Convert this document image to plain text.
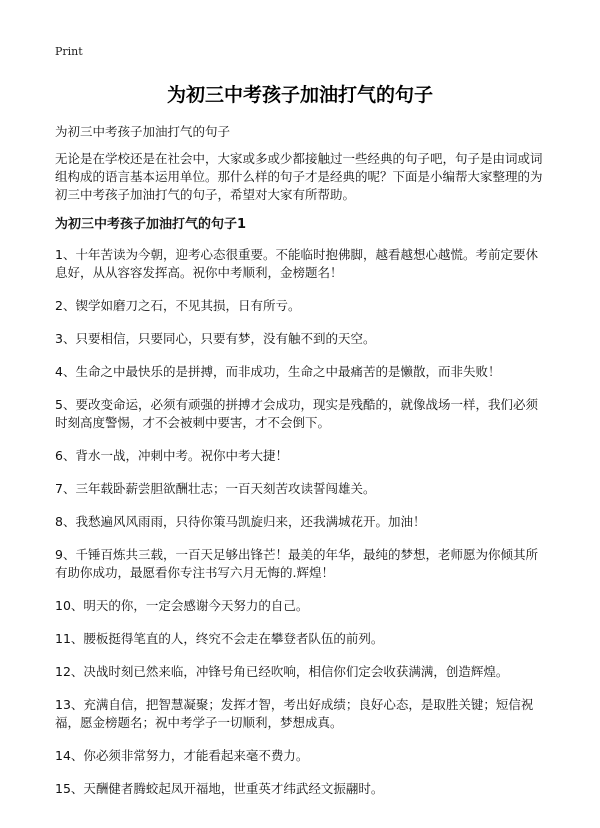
Print
为初三中考孩子加油打气的句子

为初三中考孩子加油打气的句子

无论是在学校还是在社会中，大家或多或少都接触过一些经典的句子吧，句子是由词或词组构成的语言基本运用单位。那什么样的句子才是经典的呢？下面是小编帮大家整理的为初三中考孩子加油打气的句子，希望对大家有所帮助。

为初三中考孩子加油打气的句子1
1、十年苦读为今朝，迎考心态很重要。不能临时抱佛脚，越看越想心越慌。考前定要休息好，从从容容发挥高。祝你中考顺利，金榜题名！
2、锲学如磨刀之石，不见其损，日有所亏。
3、只要相信，只要同心，只要有梦，没有触不到的天空。
4、生命之中最快乐的是拼搏，而非成功，生命之中最痛苦的是懒散，而非失败！
5、要改变命运，必须有顽强的拼搏才会成功，现实是残酷的，就像战场一样，我们必须时刻高度警惕，才不会被刺中要害，才不会倒下。
6、背水一战，冲刺中考。祝你中考大捷！
7、三年载卧薪尝胆欲酬壮志；一百天刻苦攻读誓闯雄关。
8、我愁遍风风雨雨，只待你策马凯旋归来，还我满城花开。加油！
9、千锤百炼共三载，一百天足够出锋芒！最美的年华，最纯的梦想，老师愿为你倾其所有助你成功，最愿看你专注书写六月无悔的.辉煌！
10、明天的你，一定会感谢今天努力的自己。
11、腰板挺得笔直的人，终究不会走在攀登者队伍的前列。
12、决战时刻已然来临，冲锋号角已经吹响，相信你们定会收获满满，创造辉煌。
13、充满自信，把智慧凝聚；发挥才智，考出好成绩；良好心态，是取胜关键；短信祝福，愿金榜题名；祝中考学子一切顺利，梦想成真。
14、你必须非常努力，才能看起来毫不费力。
15、天酬健者腾蛟起凤开福地，世重英才纬武经文振翮时。
